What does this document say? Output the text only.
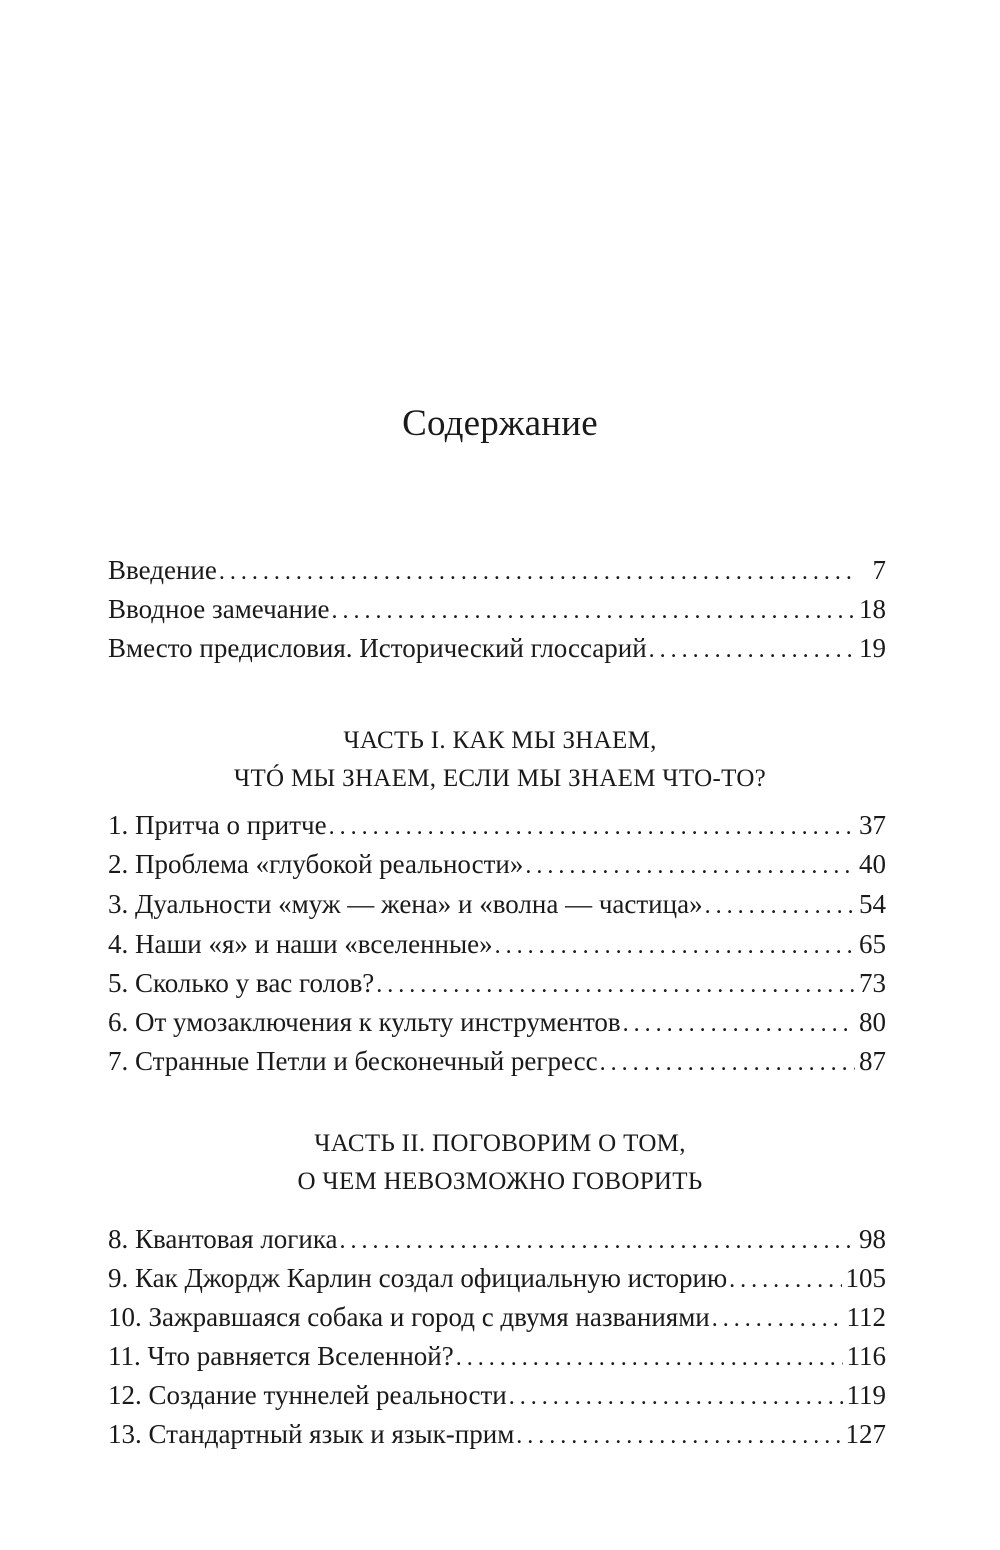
Содержание
Введение .....	7
Вводное замечание .....	18
Вместо предисловия. Исторический глоссарий .....	19
ЧАСТЬ I. КАК МЫ ЗНАЕМ,
ЧТÓ МЫ ЗНАЕМ, ЕСЛИ МЫ ЗНАЕМ ЧТО-ТО?
1. Притча о притче .....	37
2. Проблема «глубокой реальности» .....	40
3. Дуальности «муж — жена» и «волна — частица» .....	54
4. Наши «я» и наши «вселенные» .....	65
5. Сколько у вас голов? .....	73
6. От умозаключения к культу инструментов .....	80
7. Странные Петли и бесконечный регресс .....	87
ЧАСТЬ II. ПОГОВОРИМ О ТОМ,
О ЧЕМ НЕВОЗМОЖНО ГОВОРИТЬ
8. Квантовая логика .....	98
9. Как Джордж Карлин создал официальную историю .....	105
10. Зажравшаяся собака и город с двумя названиями .....	112
11. Что равняется Вселенной? .....	116
12. Создание туннелей реальности .....	119
13. Стандартный язык и язык-прим .....	127
